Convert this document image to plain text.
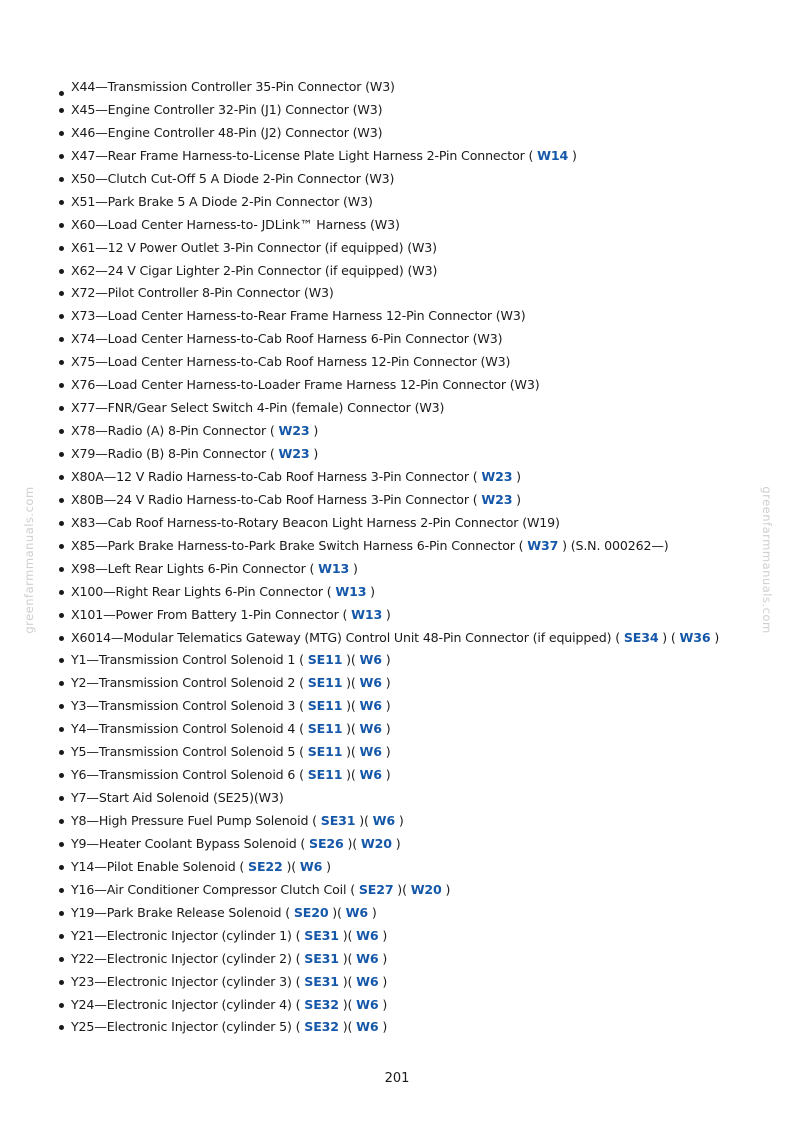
greenfarmmanuals.com	greenfarmmanuals.com
X44—Transmission Controller 35-Pin Connector (W3)
X45—Engine Controller 32-Pin (J1) Connector (W3)
X46—Engine Controller 48-Pin (J2) Connector (W3)
X47—Rear Frame Harness-to-License Plate Light Harness 2-Pin Connector ( W14 )
X50—Clutch Cut-Off 5 A Diode 2-Pin Connector (W3)
X51—Park Brake 5 A Diode 2-Pin Connector (W3)
X60—Load Center Harness-to- JDLink™ Harness (W3)
X61—12 V Power Outlet 3-Pin Connector (if equipped) (W3)
X62—24 V Cigar Lighter 2-Pin Connector (if equipped) (W3)
X72—Pilot Controller 8-Pin Connector (W3)
X73—Load Center Harness-to-Rear Frame Harness 12-Pin Connector (W3)
X74—Load Center Harness-to-Cab Roof Harness 6-Pin Connector (W3)
X75—Load Center Harness-to-Cab Roof Harness 12-Pin Connector (W3)
X76—Load Center Harness-to-Loader Frame Harness 12-Pin Connector (W3)
X77—FNR/Gear Select Switch 4-Pin (female) Connector (W3)
X78—Radio (A) 8-Pin Connector ( W23 )
X79—Radio (B) 8-Pin Connector ( W23 )
X80A—12 V Radio Harness-to-Cab Roof Harness 3-Pin Connector ( W23 )
X80B—24 V Radio Harness-to-Cab Roof Harness 3-Pin Connector ( W23 )
X83—Cab Roof Harness-to-Rotary Beacon Light Harness 2-Pin Connector (W19)
X85—Park Brake Harness-to-Park Brake Switch Harness 6-Pin Connector ( W37 ) (S.N. 000262—)
X98—Left Rear Lights 6-Pin Connector ( W13 )
X100—Right Rear Lights 6-Pin Connector ( W13 )
X101—Power From Battery 1-Pin Connector ( W13 )
X6014—Modular Telematics Gateway (MTG) Control Unit 48-Pin Connector (if equipped) ( SE34 ) ( W36 )
Y1—Transmission Control Solenoid 1 ( SE11 )( W6 )
Y2—Transmission Control Solenoid 2 ( SE11 )( W6 )
Y3—Transmission Control Solenoid 3 ( SE11 )( W6 )
Y4—Transmission Control Solenoid 4 ( SE11 )( W6 )
Y5—Transmission Control Solenoid 5 ( SE11 )( W6 )
Y6—Transmission Control Solenoid 6 ( SE11 )( W6 )
Y7—Start Aid Solenoid (SE25)(W3)
Y8—High Pressure Fuel Pump Solenoid ( SE31 )( W6 )
Y9—Heater Coolant Bypass Solenoid ( SE26 )( W20 )
Y14—Pilot Enable Solenoid ( SE22 )( W6 )
Y16—Air Conditioner Compressor Clutch Coil ( SE27 )( W20 )
Y19—Park Brake Release Solenoid ( SE20 )( W6 )
Y21—Electronic Injector (cylinder 1) ( SE31 )( W6 )
Y22—Electronic Injector (cylinder 2) ( SE31 )( W6 )
Y23—Electronic Injector (cylinder 3) ( SE31 )( W6 )
Y24—Electronic Injector (cylinder 4) ( SE32 )( W6 )
Y25—Electronic Injector (cylinder 5) ( SE32 )( W6 )
201
